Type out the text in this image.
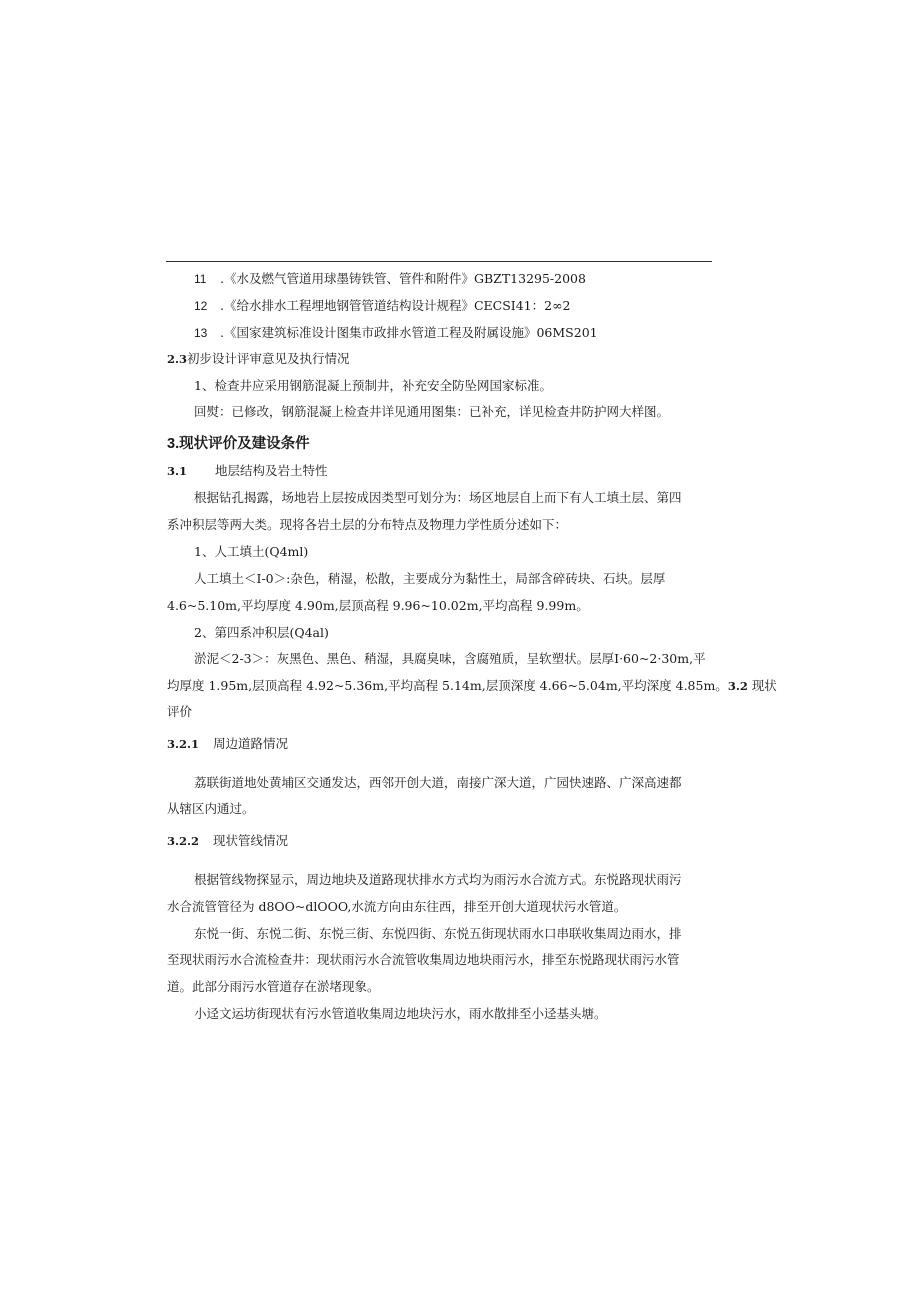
11 .《水及燃气管道用球墨铸铁管、管件和附件》GBZT13295-2008
12 .《给水排水工程埋地钢管管道结构设计规程》CECSI41：2∞2
13 .《国家建筑标准设计图集市政排水管道工程及附属设施》06MS201
2.3初步设计评审意见及执行情况
1、检查井应采用钢筋混凝上预制井，补充安全防坠网国家标准。
回熨：已修改，钢筋混凝上检查井详见通用图集：已补充，详见检查井防护网大样图。
3.现状评价及建设条件
3.1 地层结构及岩土特性
根据钻孔揭露，场地岩上层按成因类型可划分为：场区地层自上而下有人工填土层、第四
系冲积层等两大类。现将各岩土层的分布特点及物理力学性质分述如下：
1、人工填土(Q4ml)
人工填土＜Ⅰ-0＞:杂色，稍湿，松散，主要成分为黏性土，局部含碎砖块、石块。层厚
4.6~5.10m,平均厚度 4.90m,层顶高程 9.96~10.02m,平均高程 9.99m。
2、第四系冲积层(Q4al)
淤泥＜2-3＞：灰黑色、黑色、稍湿，具腐臭味，含腐殖质，呈软塑状。层厚Ⅰ·60~2·30m,平
均厚度 1.95m,层顶高程 4.92~5.36m,平均高程 5.14m,层顶深度 4.66~5.04m,平均深度 4.85m。3.2 现状
评价
3.2.1 周边道路情况
荔联街道地处黄埔区交通发达，西邻开创大道，南接广深大道，广园快速路、广深高速都
从辖区内通过。
3.2.2 现状管线情况
根据管线物探显示，周边地块及道路现状排水方式均为雨污水合流方式。东悦路现状雨污
水合流管管径为 d8OO~dlOOO,水流方向由东往西，排至开创大道现状污水管道。
东悦一街、东悦二街、东悦三街、东悦四街、东悦五街现状雨水口串联收集周边雨水，排
至现状雨污水合流检查井：现状雨污水合流管收集周边地块雨污水，排至东悦路现状雨污水管
道。此部分雨污水管道存在淤堵现象。
小迳文运坊街现状有污水管道收集周边地块污水，雨水散排至小迳基头塘。
